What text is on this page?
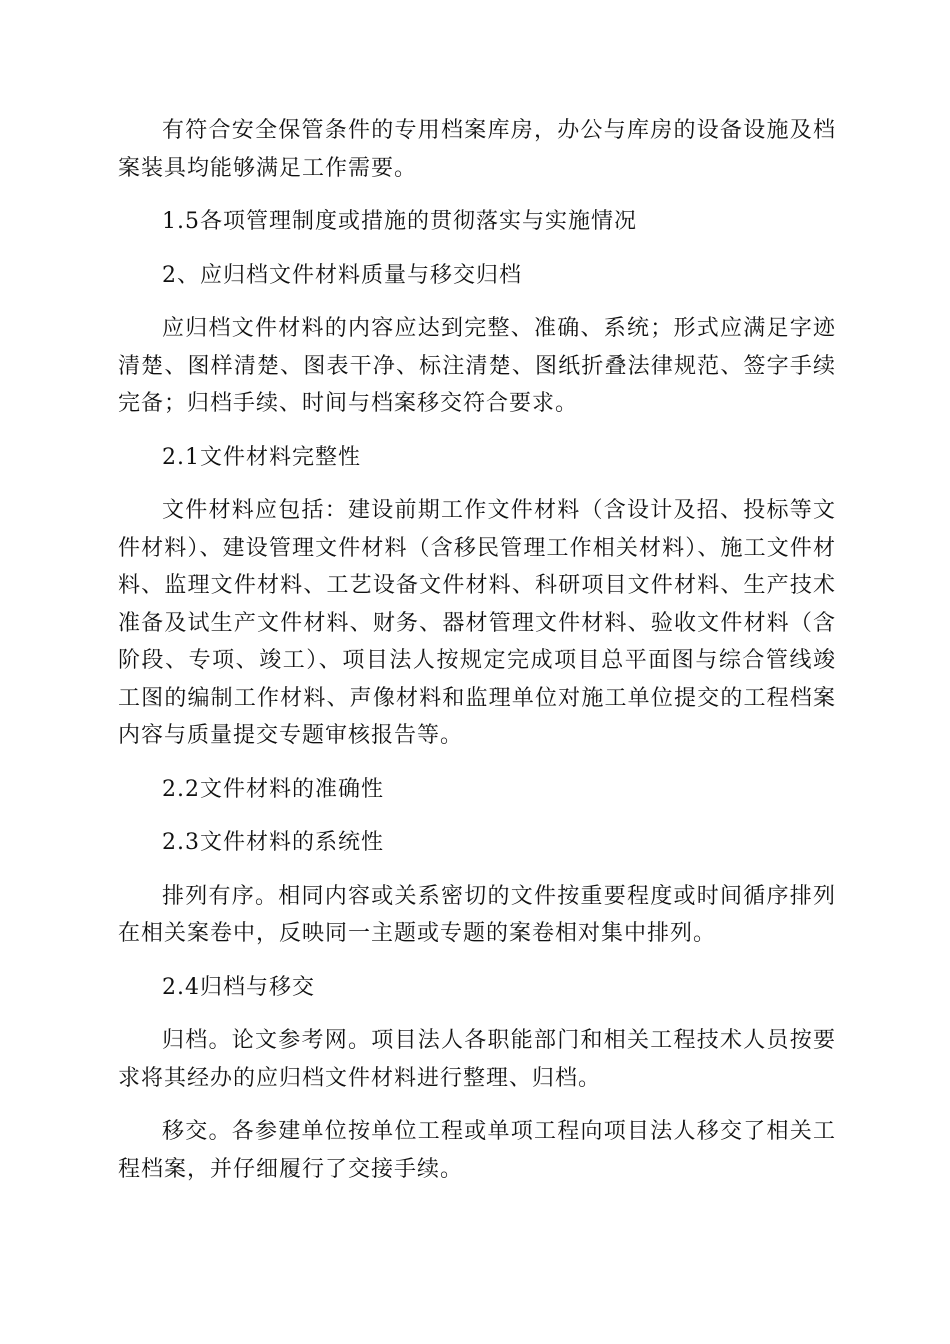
有符合安全保管条件的专用档案库房，办公与库房的设备设施及档案装具均能够满足工作需要。

1.5各项管理制度或措施的贯彻落实与实施情况

2、应归档文件材料质量与移交归档

应归档文件材料的内容应达到完整、准确、系统；形式应满足字迹清楚、图样清楚、图表干净、标注清楚、图纸折叠法律规范、签字手续完备；归档手续、时间与档案移交符合要求。

2.1文件材料完整性

文件材料应包括：建设前期工作文件材料（含设计及招、投标等文件材料）、建设管理文件材料（含移民管理工作相关材料）、施工文件材料、监理文件材料、工艺设备文件材料、科研项目文件材料、生产技术准备及试生产文件材料、财务、器材管理文件材料、验收文件材料（含阶段、专项、竣工）、项目法人按规定完成项目总平面图与综合管线竣工图的编制工作材料、声像材料和监理单位对施工单位提交的工程档案内容与质量提交专题审核报告等。

2.2文件材料的准确性

2.3文件材料的系统性

排列有序。相同内容或关系密切的文件按重要程度或时间循序排列在相关案卷中，反映同一主题或专题的案卷相对集中排列。

2.4归档与移交

归档。论文参考网。项目法人各职能部门和相关工程技术人员按要求将其经办的应归档文件材料进行整理、归档。

移交。各参建单位按单位工程或单项工程向项目法人移交了相关工程档案，并仔细履行了交接手续。
